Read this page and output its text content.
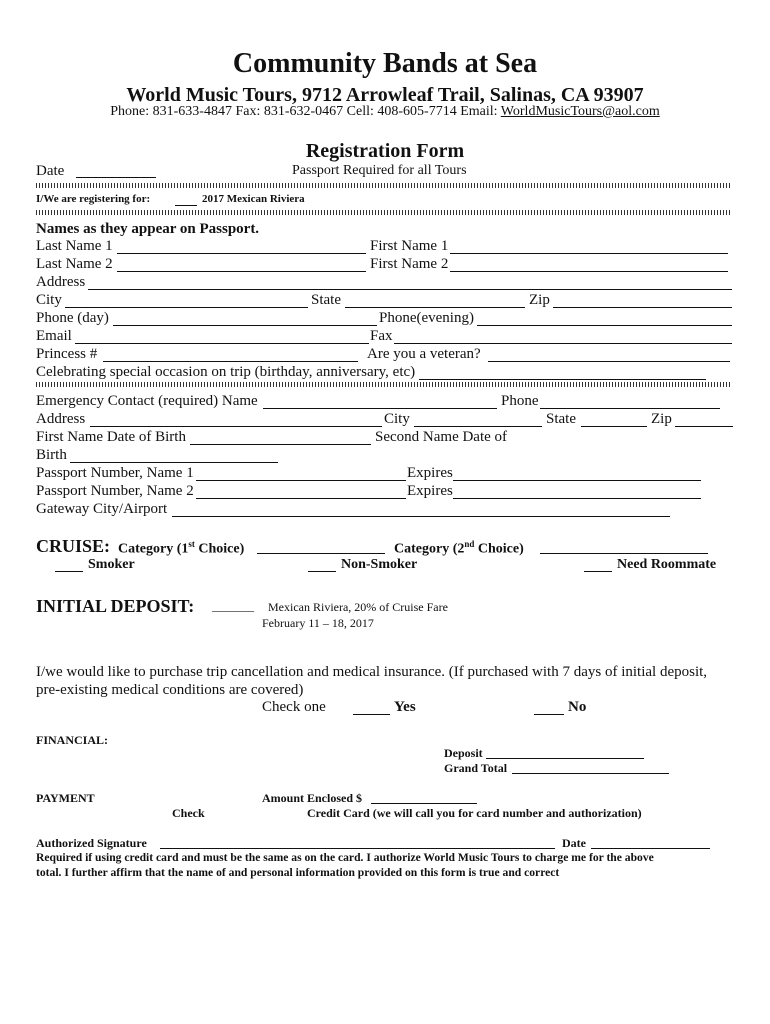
Community Bands at Sea
World Music Tours, 9712 Arrowleaf Trail, Salinas, CA 93907
Phone: 831-633-4847 Fax: 831-632-0467 Cell: 408-605-7714 Email: WorldMusicTours@aol.com
Registration Form
Date	Passport Required for all Tours
I/We are registering for:	2017 Mexican Riviera
Names as they appear on Passport.
Last Name 1	First Name 1
Last Name 2	First Name 2
Address
City	State	Zip
Phone (day)	Phone(evening)
Email	Fax
Princess #	Are you a veteran?
Celebrating special occasion on trip (birthday, anniversary, etc)
Emergency Contact (required) Name	Phone
Address	City	State	Zip
First Name Date of Birth	Second Name Date of
Birth
Passport Number, Name 1	Expires
Passport Number, Name 2	Expires
Gateway City/Airport
CRUISE: Category (1st Choice)	Category (2nd Choice)
Smoker	Non-Smoker	Need Roommate
INITIAL DEPOSIT: _______ Mexican Riviera, 20% of Cruise Fare
February 11 – 18, 2017
I/we would like to purchase trip cancellation and medical insurance. (If purchased with 7 days of initial deposit,
pre-existing medical conditions are covered)
Check one	Yes	No
FINANCIAL:
Deposit
Grand Total
PAYMENT	Amount Enclosed $
Check	Credit Card (we will call you for card number and authorization)
Authorized Signature	Date
Required if using credit card and must be the same as on the card. I authorize World Music Tours to charge me for the above
total. I further affirm that the name of and personal information provided on this form is true and correct
